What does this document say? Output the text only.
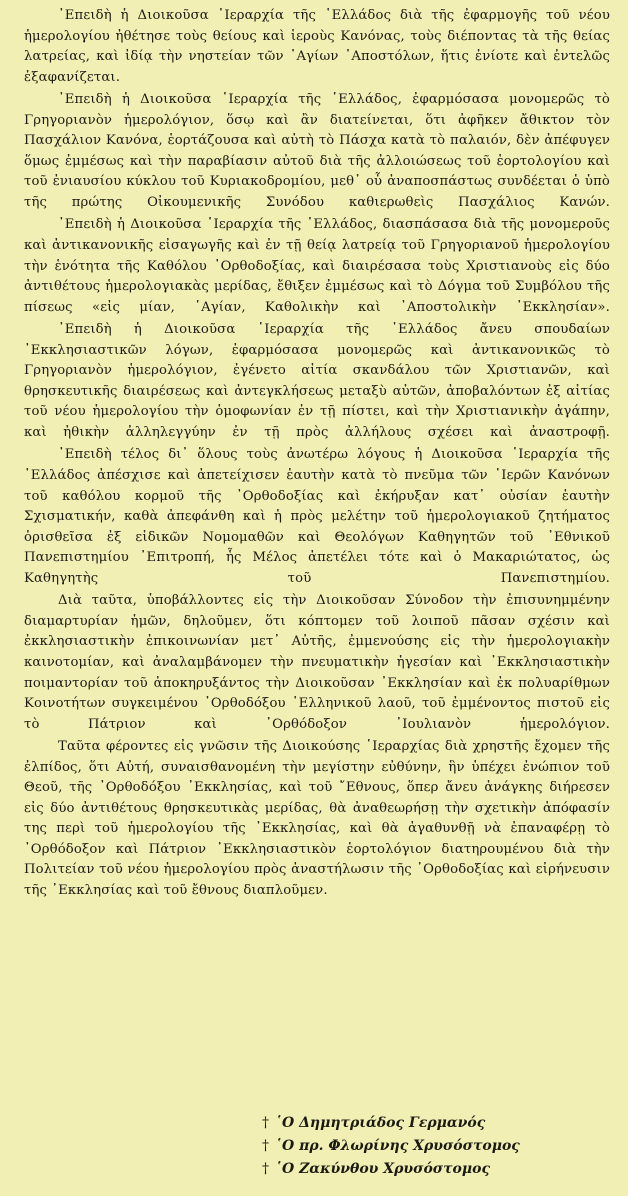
᾿Επειδὴ ἡ Διοικοῦσα ῾Ιεραρχία τῆς ῾Ελλάδος διὰ τῆς ἐφαρμογῆς τοῦ νέου ἡμερολογίου ἠθέτησε τοὺς θείους καὶ ἱεροὺς Κανόνας, τοὺς διέποντας τὰ τῆς θείας λατρείας, καὶ ἰδίᾳ τὴν νηστείαν τῶν ῾Αγίων ᾿Αποστόλων, ἥτις ἐνίοτε καὶ ἐντελῶς ἐξαφανίζεται.

᾿Επειδὴ ἡ Διοικοῦσα ῾Ιεραρχία τῆς ῾Ελλάδος, ἐφαρμόσασα μονομερῶς τὸ Γρηγοριανὸν ἡμερολόγιον, ὅσῳ καὶ ἂν διατείνεται, ὅτι ἀφῆκεν ἄθικτον τὸν Πασχάλιον Κανόνα, ἑορτάζουσα καὶ αὐτὴ τὸ Πάσχα κατὰ τὸ παλαιόν, δὲν ἀπέφυγεν ὅμως ἐμμέσως καὶ τὴν παραβίασιν αὐτοῦ διὰ τῆς ἀλλοιώσεως τοῦ ἑορτολογίου καὶ τοῦ ἐνιαυσίου κύκλου τοῦ Κυριακοδρομίου, μεθ᾿ οὗ ἀναποσπάστως συνδέεται ὁ ὑπὸ τῆς πρώτης Οἰκουμενικῆς Συνόδου καθιερωθεὶς Πασχάλιος Κανών.

᾿Επειδὴ ἡ Διοικοῦσα ῾Ιεραρχία τῆς ῾Ελλάδος, διασπάσασα διὰ τῆς μονομεροῦς καὶ ἀντικανονικῆς εἰσαγωγῆς καὶ ἐν τῇ θείᾳ λατρείᾳ τοῦ Γρηγοριανοῦ ἡμερολογίου τὴν ἑνότητα τῆς Καθόλου ᾿Ορθοδοξίας, καὶ διαιρέσασα τοὺς Χριστιανοὺς εἰς δύο ἀντιθέτους ἡμερολογιακὰς μερίδας, ἔθιξεν ἐμμέσως καὶ τὸ Δόγμα τοῦ Συμβόλου τῆς πίσεως «εἰς μίαν, ῾Αγίαν, Καθολικὴν καὶ ᾿Αποστολικὴν ᾿Εκκλησίαν».

᾿Επειδὴ ἡ Διοικοῦσα ῾Ιεραρχία τῆς ῾Ελλάδος ἄνευ σπουδαίων ᾿Εκκλησιαστικῶν λόγων, ἐφαρμόσασα μονομερῶς καὶ ἀντικανονικῶς τὸ Γρηγοριανὸν ἡμερολόγιον, ἐγένετο αἰτία σκανδάλου τῶν Χριστιανῶν, καὶ θρησκευτικῆς διαιρέσεως καὶ ἀντεγκλήσεως μεταξὺ αὐτῶν, ἀποβαλόντων ἐξ αἰτίας τοῦ νέου ἡμερολογίου τὴν ὁμοφωνίαν ἐν τῇ πίστει, καὶ τὴν Χριστιανικὴν ἀγάπην, καὶ ἠθικὴν ἀλληλεγγύην ἐν τῇ πρὸς ἀλλήλους σχέσει καὶ ἀναστροφῇ.

᾿Επειδὴ τέλος δι᾿ ὅλους τοὺς ἀνωτέρω λόγους ἡ Διοικοῦσα ῾Ιεραρχία τῆς ῾Ελλάδος ἀπέσχισε καὶ ἀπετείχισεν ἑαυτὴν κατὰ τὸ πνεῦμα τῶν ῾Ιερῶν Κανόνων τοῦ καθόλου κορμοῦ τῆς ᾿Ορθοδοξίας καὶ ἐκήρυξαν κατ᾿ οὐσίαν ἑαυτὴν Σχισματικήν, καθὰ ἀπεφάνθη καὶ ἡ πρὸς μελέτην τοῦ ἡμερολογιακοῦ ζητήματος ὁρισθεῖσα ἐξ εἰδικῶν Νομομαθῶν καὶ Θεολόγων Καθηγητῶν τοῦ ᾿Εθνικοῦ Πανεπιστημίου ᾿Επιτροπή, ἧς Μέλος ἀπετέλει τότε καὶ ὁ Μακαριώτατος, ὡς Καθηγητὴς τοῦ Πανεπιστημίου.

Διὰ ταῦτα, ὑποβάλλοντες εἰς τὴν Διοικοῦσαν Σύνοδον τὴν ἐπισυνημμένην διαμαρτυρίαν ἡμῶν, δηλοῦμεν, ὅτι κόπτομεν τοῦ λοιποῦ πᾶσαν σχέσιν καὶ ἐκκλησιαστικὴν ἐπικοινωνίαν μετ᾿ Αὐτῆς, ἐμμενούσης εἰς τὴν ἡμερολογιακὴν καινοτομίαν, καὶ ἀναλαμβάνομεν τὴν πνευματικὴν ἡγεσίαν καὶ ᾿Εκκλησιαστικὴν ποιμαντορίαν τοῦ ἀποκηρυξάντος τὴν Διοικοῦσαν ᾿Εκκλησίαν καὶ ἐκ πολυαρίθμων Κοινοτήτων συγκειμένου ᾿Ορθοδόξου ῾Ελληνικοῦ λαοῦ, τοῦ ἐμμένοντος πιστοῦ εἰς τὸ Πάτριον καὶ ᾿Ορθόδοξον ᾿Ιουλιανὸν ἡμερολόγιον.

Ταῦτα φέροντες εἰς γνῶσιν τῆς Διοικούσης ῾Ιεραρχίας διὰ χρηστῆς ἔχομεν τῆς ἐλπίδος, ὅτι Αὐτή, συναισθανομένη τὴν μεγίστην εὐθύνην, ἣν ὑπέχει ἐνώπιον τοῦ Θεοῦ, τῆς ᾿Ορθοδόξου ᾿Εκκλησίας, καὶ τοῦ ῎Εθνους, ὅπερ ἄνευ ἀνάγκης διήρεσεν εἰς δύο ἀντιθέτους θρησκευτικὰς μερίδας, θὰ ἀναθεωρήσῃ τὴν σχετικὴν ἀπόφασίν της περὶ τοῦ ἡμερολογίου τῆς ᾿Εκκλησίας, καὶ θὰ ἀγαθυνθῇ νὰ ἐπαναφέρῃ τὸ ᾿Ορθόδοξον καὶ Πάτριον ᾿Εκκλησιαστικὸν ἑορτολόγιον διατηρουμένου διὰ τὴν Πολιτείαν τοῦ νέου ἡμερολογίου πρὸς ἀναστήλωσιν τῆς ᾿Ορθοδοξίας καὶ εἰρήνευσιν τῆς ᾿Εκκλησίας καὶ τοῦ ἔθνους διαπλοῦμεν.

† ῾Ο Δημητριάδος Γερμανός
† ῾Ο πρ. Φλωρίνης Χρυσόστομος
† ῾Ο Ζακύνθου Χρυσόστομος
